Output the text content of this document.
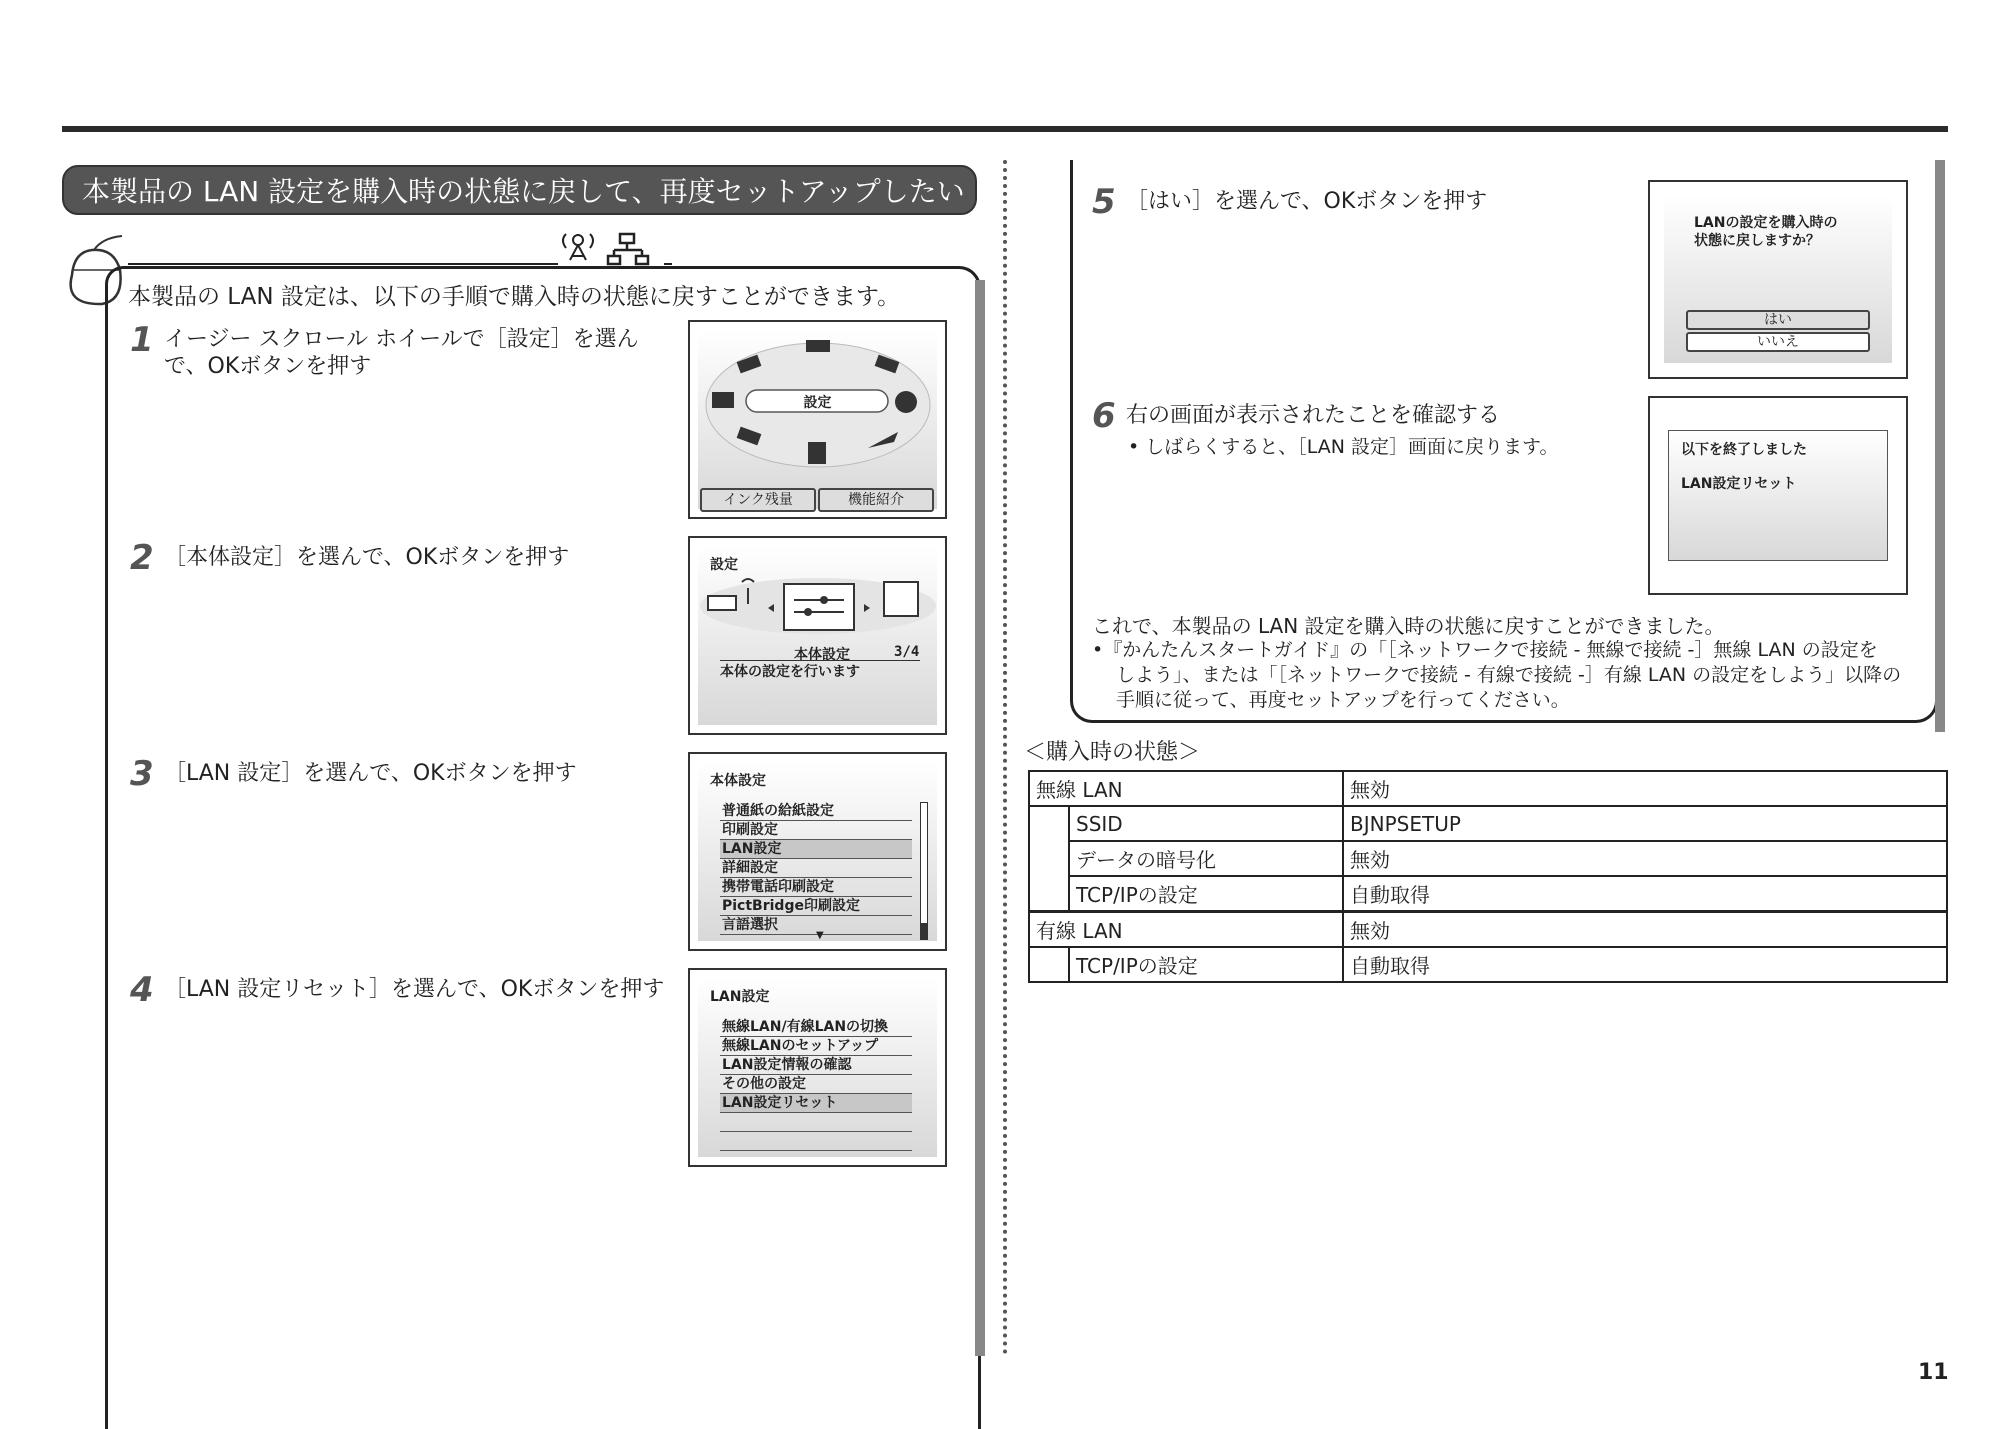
本製品の LAN 設定を購入時の状態に戻して、再度セットアップしたい
本製品の LAN 設定は、以下の手順で購入時の状態に戻すことができます。
1 イージー スクロール ホイールで［設定］を選んで、OKボタンを押す
設定
インク残量	機能紹介
2 ［本体設定］を選んで、OKボタンを押す	設定
本体設定	3/4
本体の設定を行います
3 ［LAN 設定］を選んで、OKボタンを押す	本体設定
普通紙の給紙設定
印刷設定
LAN設定
詳細設定
携帯電話印刷設定
PictBridge印刷設定
言語選択
▼
4 ［LAN 設定リセット］を選んで、OKボタンを押す	LAN設定
無線LAN/有線LANの切換
無線LANのセットアップ
LAN設定情報の確認
その他の設定
LAN設定リセット
5 ［はい］を選んで、OKボタンを押す
LANの設定を購入時の
状態に戻しますか？
はい
いいえ
6 右の画面が表示されたことを確認する
• しばらくすると、［LAN 設定］画面に戻ります。	以下を終了しました
LAN設定リセット
これで、本製品の LAN 設定を購入時の状態に戻すことができました。
•『かんたんスタートガイド』の「［ネットワークで接続 - 無線で接続 -］無線 LAN の設定を
しよう」、または「［ネットワークで接続 - 有線で接続 -］有線 LAN の設定をしよう」以降の
手順に従って、再度セットアップを行ってください。
＜購入時の状態＞
無線 LAN		無効
	SSID	BJNPSETUP
	データの暗号化	無効
	TCP/IPの設定	自動取得
有線 LAN		無効
	TCP/IPの設定	自動取得
11
